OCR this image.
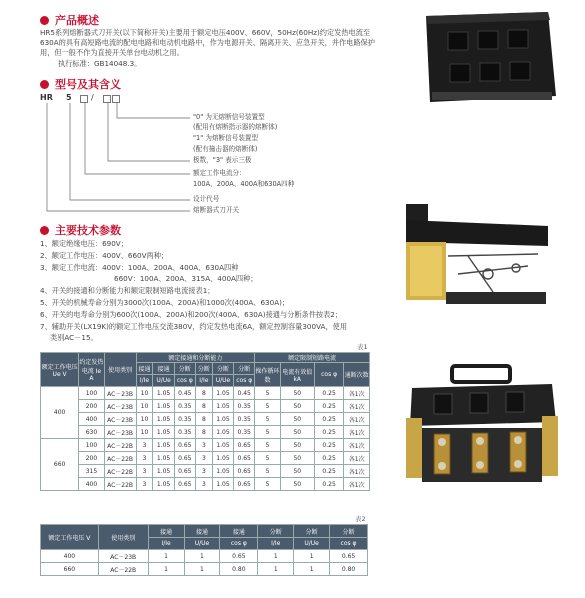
产品概述
HR5系列熔断器式刀开关(以下简称开关)主要用于额定电压400V、660V，50Hz(60Hz)约定发热电流至630A的具有高短路电流的配电电路和电动机电路中，作为电源开关、隔离开关、应急开关，并作电路保护用，但一般不作为直接开关单台电动机之用。
执行标准：GB14048.3。
型号及其含义
HR 5 /
"0" 为无熔断信号装置型
(配用有熔断指示器的熔断体)
"1" 为熔断信号装置型
(配有撞击器的熔断体)
极数，"3" 表示三极
额定工作电流分：
100A、200A、400A和630A四种
设计代号
熔断器式刀开关
主要技术参数
1、额定绝缘电压：690V；
2、额定工作电压：400V、660V两种；
3、额定工作电流：400V：100A、200A、400A、630A四种
660V：100A、200A、315A、400A四种；
4、开关的接通和分断能力和额定限制短路电流接表1；
5、开关的机械寿命分别为3000次(100A、200A)和1000次(400A、630A)；
6、开关的电寿命分别为600次(100A、200A)和200次(400A、630A)接通与分断条件按表2；
7、辅助开关(LX19K)的额定工作电压交流380V，约定发热电流6A，额定控制容量300VA，使用
类别AC－15。
表1
额定工作电压 Ue V	约定发热电流 Ie A	使用类别	额定接通和分断能力						额定限制短路电流			
			接通	接通	分断	分断	分断	分断	操作循环数	电流有效值kA	cos φ	通断次数
			I/Ie	U/Ue	cos φ	I/Ie	U/Ue	cos φ				
400	100	AC－23B	10	1.05	0.45	8	1.05	0.45	5	50	0.25	各1次
	200	AC－23B	10	1.05	0.35	8	1.05	0.35	5	50	0.25	各1次
	400	AC－23B	10	1.05	0.35	8	1.05	0.35	5	50	0.25	各1次
	630	AC－23B	10	1.05	0.35	8	1.05	0.35	5	50	0.25	各1次
660	100	AC－22B	3	1.05	0.65	3	1.05	0.65	5	50	0.25	各1次
	200	AC－22B	3	1.05	0.65	3	1.05	0.65	5	50	0.25	各1次
	315	AC－22B	3	1.05	0.65	3	1.05	0.65	5	50	0.25	各1次
	400	AC－22B	3	1.05	0.65	3	1.05	0.65	5	50	0.25	各1次
表2
额定工作电压 V	使用类别	接通	接通	接通	分断	分断	分断
		I/Ie	U/Ue	cos φ	I/Ie	U/Ue	cos φ
400	AC－23B	1	1	0.65	1	1	0.65
660	AC－22B	1	1	0.80	1	1	0.80
